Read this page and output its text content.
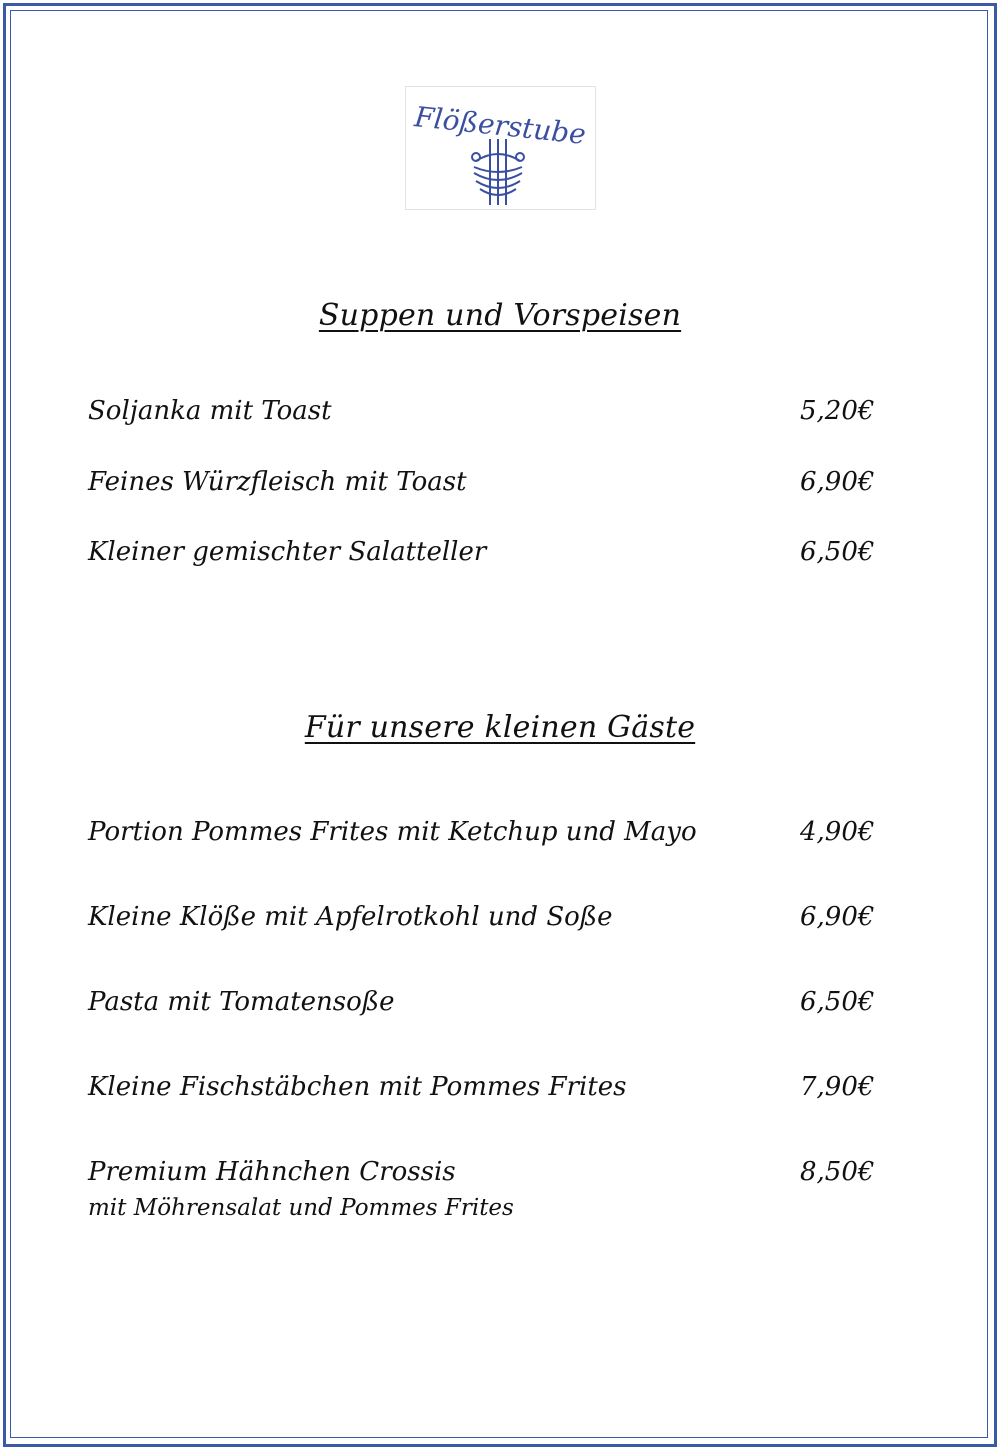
Flößerstube
Suppen und Vorspeisen
Soljanka mit Toast	5,20€
Feines Würzfleisch mit Toast	6,90€
Kleiner gemischter Salatteller	6,50€
Für unsere kleinen Gäste
Portion Pommes Frites mit Ketchup und Mayo	4,90€
Kleine Klöße mit Apfelrotkohl und Soße	6,90€
Pasta mit Tomatensoße	6,50€
Kleine Fischstäbchen mit Pommes Frites	7,90€
Premium Hähnchen Crossis	8,50€
mit Möhrensalat und Pommes Frites
